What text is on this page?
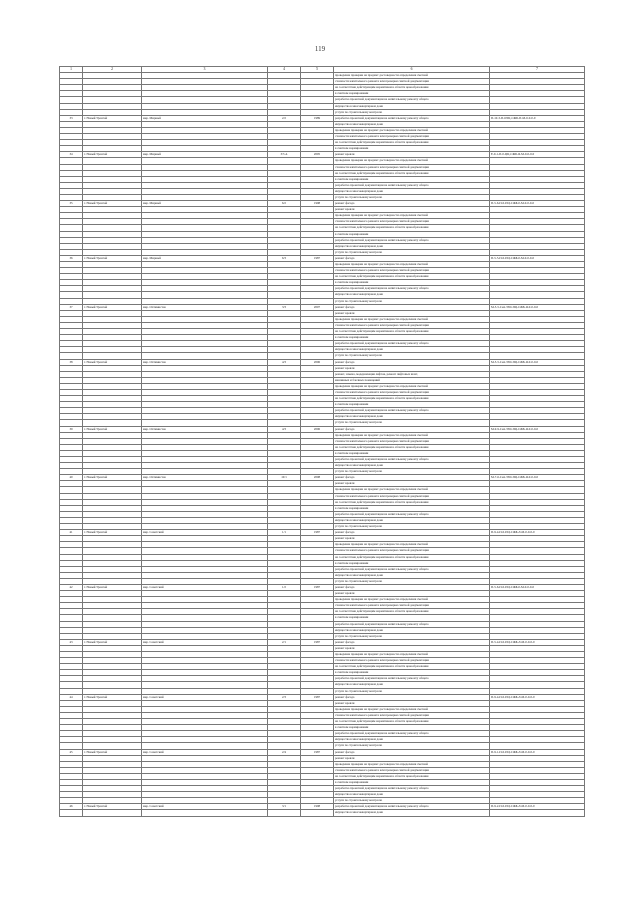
119
1	2	3	4	5	6	7
					проведение проверки на предмет достоверности определения сметной	
					стоимости капитального ремонта или проверки сметной документации	
					на соответствие действующим нормативам в области ценообразования	
					в сметном нормировании	
					разработка проектной документации на капитальному ремонту общего	
					имущества в многоквартирном доме	
					услуги по строительному контролю	
33	г. Новый Уренгой	мкр. Мирный	2/2	1989	разработка проектной документации на капитальному ремонту общего	П-10-3-П-0/0Ц-СЖБ-П-М-0-0-0-0
					имущества в многоквартирном доме	
					проведение проверки на предмет достоверности определения сметной	
					стоимости капитального ремонта или проверки сметной документации	
					на соответствие действующим нормативам в области ценообразования	
					в сметном нормировании	
34	г. Новый Уренгой	мкр. Мирный	3/3 А	2005	ремонт кровли	Е-9-1-П-0-ЦЦ-СЖБ-Я-М-0-0-0-0
					проведение проверки на предмет достоверности определения сметной	
					стоимости капитального ремонта или проверки сметной документации	
					на соответствие действующим нормативам в области ценообразования	
					в сметном нормировании	
					разработка проектной документации на капитальному ремонту общего	
					имущества в многоквартирном доме	
					услуги по строительному контролю	
35	г. Новый Уренгой	мкр. Мирный	6/2	1998	ремонт фасада	П-5-6-П-0-ПЦ-СЖБ-0-М-0-0-0-0
					ремонт кровли	
					проведение проверки на предмет достоверности определения сметной	
					стоимости капитального ремонта или проверки сметной документации	
					на соответствие действующим нормативам в области ценообразования	
					в сметном нормировании	
					разработка проектной документации на капитальному ремонту общего	
					имущества в многоквартирном доме	
					услуги по строительному контролю	
36	г. Новый Уренгой	мкр. Мирный	6/3	1987	ремонт фасада	П-5-5-П-0-ПЦ-СЖБ-0-М-0-0-0-0
					проведение проверки на предмет достоверности определения сметной	
					стоимости капитального ремонта или проверки сметной документации	
					на соответствие действующим нормативам в области ценообразования	
					в сметном нормировании	
					разработка проектной документации на капитальному ремонту общего	
					имущества в многоквартирном доме	
					услуги по строительному контролю	
37	г. Новый Уренгой	мкр. Оптимистов	3/3	2007	ремонт фасада	М-5-5-Сил-УШ-ПЦ-СЖБ-Я-0-0-0-0
					ремонт кровли	
					проведение проверки на предмет достоверности определения сметной	
					стоимости капитального ремонта или проверки сметной документации	
					на соответствие действующим нормативам в области ценообразования	
					в сметном нормировании	
					разработка проектной документации на капитальному ремонту общего	
					имущества в многоквартирном доме	
					услуги по строительному контролю	
38	г. Новый Уренгой	мкр. Оптимистов	4/3	2006	ремонт фасада	М-5-5-Сил-УШ-ПЦ-СЖБ-Я-0-0-0-0
					ремонт кровли	
					ремонт, замена, модернизация лифтов, ремонт лифтовых шахт,	
					машинных и блочных помещений	
					проведение проверки на предмет достоверности определения сметной	
					стоимости капитального ремонта или проверки сметной документации	
					на соответствие действующим нормативам в области ценообразования	
					в сметном нормировании	
					разработка проектной документации на капитальному ремонту общего	
					имущества в многоквартирном доме	
					услуги по строительному контролю	
39	г. Новый Уренгой	мкр. Оптимистов	4/3	2006	ремонт фасада	М-9-9-Сил-УШ-ПЦ-СЖБ-Я-0-0-0-0
					проведение проверки на предмет достоверности определения сметной	
					стоимости капитального ремонта или проверки сметной документации	
					на соответствие действующим нормативам в области ценообразования	
					в сметном нормировании	
					разработка проектной документации на капитальному ремонту общего	
					имущества в многоквартирном доме	
					услуги по строительному контролю	
40	г. Новый Уренгой	мкр. Оптимистов	10/1	2008	ремонт фасада	М-7-6-Сил-УШ-ПЦ-СЖБ-Я-0-0-0-0
					ремонт кровли	
					проведение проверки на предмет достоверности определения сметной	
					стоимости капитального ремонта или проверки сметной документации	
					на соответствие действующим нормативам в области ценообразования	
					в сметном нормировании	
					разработка проектной документации на капитальному ремонту общего	
					имущества в многоквартирном доме	
					услуги по строительному контролю	
41	г. Новый Уренгой	мкр. Советский	1/1	1987	ремонт фасада	П-9-4-П-0-ПЦ-СЖБ-Л-М-0-0-0-0
					ремонт кровли	
					проведение проверки на предмет достоверности определения сметной	
					стоимости капитального ремонта или проверки сметной документации	
					на соответствие действующим нормативам в области ценообразования	
					в сметном нормировании	
					разработка проектной документации на капитальному ремонту общего	
					имущества в многоквартирном доме	
					услуги по строительному контролю	
42	г. Новый Уренгой	мкр. Советский	1/2	1987	ремонт фасада	П-5-6-П-0-ПЦ-СЖБ-0-М-0-0-0-0
					ремонт кровли	
					проведение проверки на предмет достоверности определения сметной	
					стоимости капитального ремонта или проверки сметной документации	
					на соответствие действующим нормативам в области ценообразования	
					в сметном нормировании	
					разработка проектной документации на капитальному ремонту общего	
					имущества в многоквартирном доме	
					услуги по строительному контролю	
43	г. Новый Уренгой	мкр. Советский	2/1	1987	ремонт фасада	П-5-4-П-0-ПЦ-СЖБ-Л-М-0-0-0-0
					ремонт кровли	
					проведение проверки на предмет достоверности определения сметной	
					стоимости капитального ремонта или проверки сметной документации	
					на соответствие действующим нормативам в области ценообразования	
					в сметном нормировании	
					разработка проектной документации на капитальному ремонту общего	
					имущества в многоквартирном доме	
					услуги по строительному контролю	
44	г. Новый Уренгой	мкр. Советский	2/3	1987	ремонт фасада	П-9-4-П-0-ПЦ-СЖБ-Л-М-0-0-0-0
					ремонт кровли	
					проведение проверки на предмет достоверности определения сметной	
					стоимости капитального ремонта или проверки сметной документации	
					на соответствие действующим нормативам в области ценообразования	
					в сметном нормировании	
					разработка проектной документации на капитальному ремонту общего	
					имущества в многоквартирном доме	
					услуги по строительному контролю	
45	г. Новый Уренгой	мкр. Советский	2/4	1987	ремонт фасада	П-9-1-П-0-ПЦ-СЖБ-Л-М-0-0-0-0
					ремонт кровли	
					проведение проверки на предмет достоверности определения сметной	
					стоимости капитального ремонта или проверки сметной документации	
					на соответствие действующим нормативам в области ценообразования	
					в сметном нормировании	
					разработка проектной документации на капитальному ремонту общего	
					имущества в многоквартирном доме	
					услуги по строительному контролю	
46	г. Новый Уренгой	мкр. Советский	3/1	1998	разработка проектной документации на капитальному ремонту общего	П-9-2-П-0-ПЦ-СЖБ-Л-М-0-0-0-0
					имущества в многоквартирном доме	
